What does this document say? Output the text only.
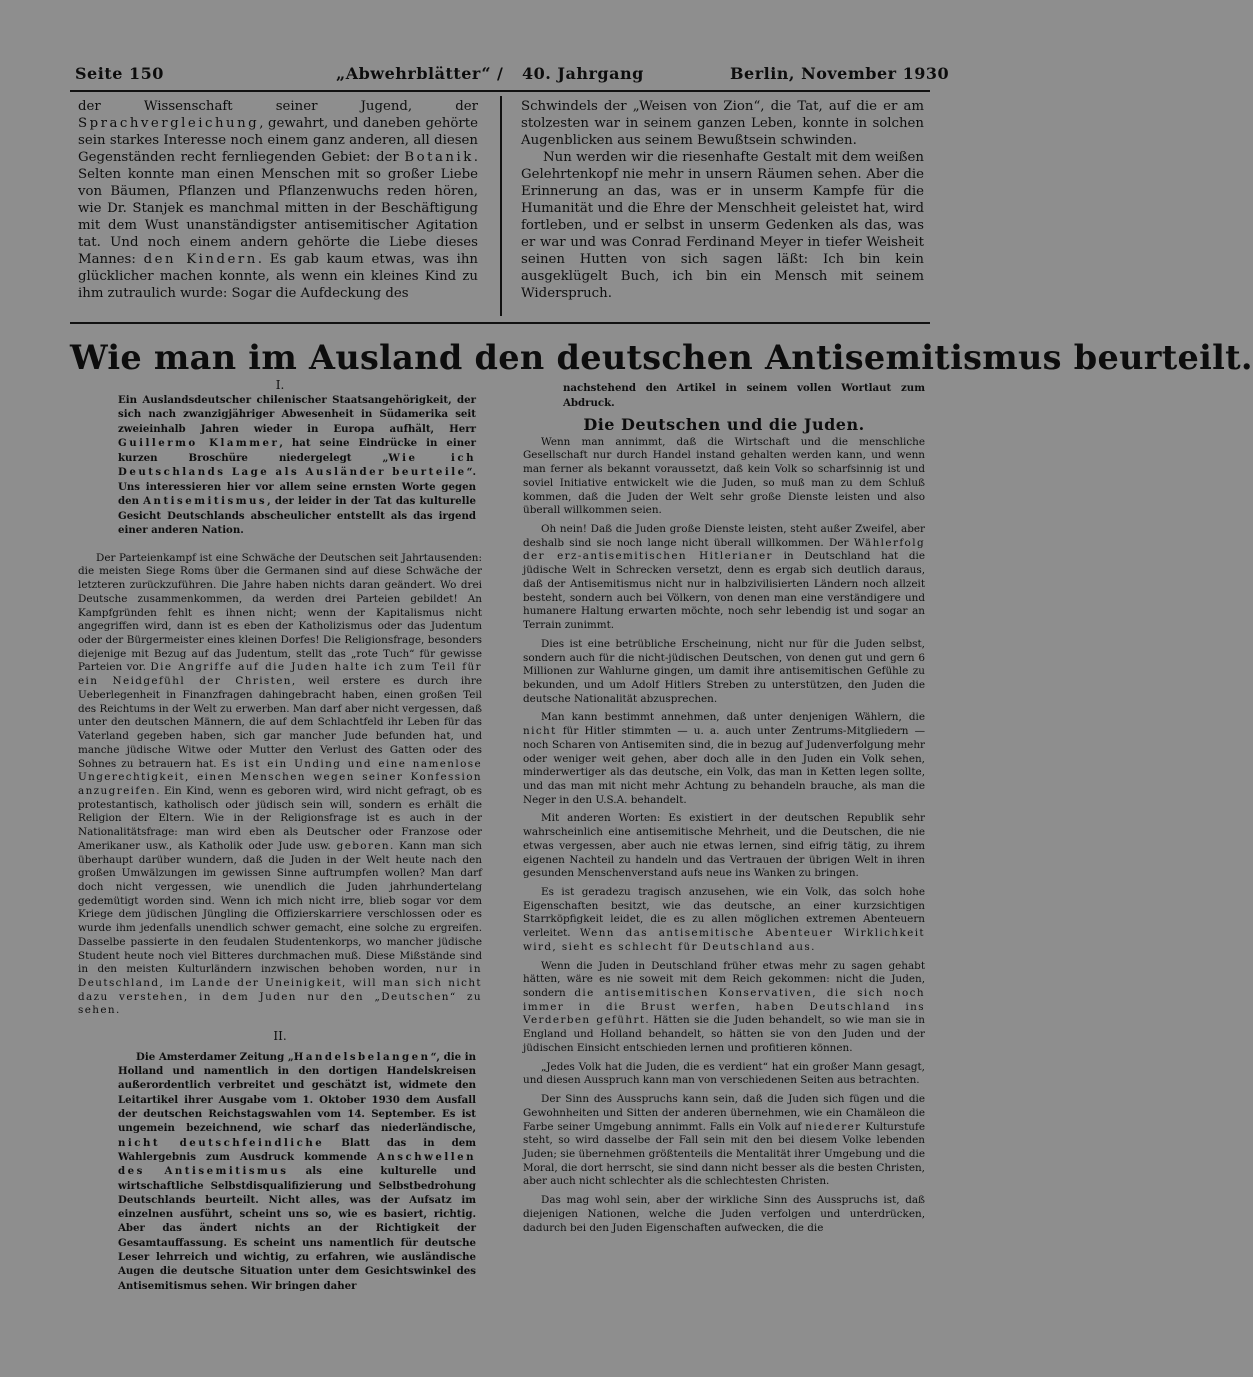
Seite 150	„Abwehrblätter“ / 40. Jahrgang	Berlin, November 1930

der Wissenschaft seiner Jugend, der Sprachvergleichung, gewahrt, und daneben gehörte sein starkes Interesse noch einem ganz anderen, all diesen Gegenständen recht fernliegenden Gebiet: der Botanik. Selten konnte man einen Menschen mit so großer Liebe von Bäumen, Pflanzen und Pflanzenwuchs reden hören, wie Dr. Stanjek es manchmal mitten in der Beschäftigung mit dem Wust unanständigster antisemitischer Agitation tat. Und noch einem andern gehörte die Liebe dieses Mannes: den Kindern. Es gab kaum etwas, was ihn glücklicher machen konnte, als wenn ein kleines Kind zu ihm zutraulich wurde: Sogar die Aufdeckung des

Schwindels der „Weisen von Zion“, die Tat, auf die er am stolzesten war in seinem ganzen Leben, konnte in solchen Augenblicken aus seinem Bewußtsein schwinden.

Nun werden wir die riesenhafte Gestalt mit dem weißen Gelehrtenkopf nie mehr in unsern Räumen sehen. Aber die Erinnerung an das, was er in unserm Kampfe für die Humanität und die Ehre der Menschheit geleistet hat, wird fortleben, und er selbst in unserm Gedenken als das, was er war und was Conrad Ferdinand Meyer in tiefer Weisheit seinen Hutten von sich sagen läßt: Ich bin kein ausgeklügelt Buch, ich bin ein Mensch mit seinem Widerspruch.

Wie man im Ausland den deutschen Antisemitismus beurteilt.
I.
Ein Auslandsdeutscher chilenischer Staatsangehörigkeit, der sich nach zwanzigjähriger Abwesenheit in Südamerika seit zweieinhalb Jahren wieder in Europa aufhält, Herr Guillermo Klammer, hat seine Eindrücke in einer kurzen Broschüre niedergelegt „Wie ich Deutschlands Lage als Ausländer beurteile“. Uns interessieren hier vor allem seine ernsten Worte gegen den Antisemitismus, der leider in der Tat das kulturelle Gesicht Deutschlands abscheulicher entstellt als das irgend einer anderen Nation.

Der Parteienkampf ist eine Schwäche der Deutschen seit Jahrtausenden: die meisten Siege Roms über die Germanen sind auf diese Schwäche der letzteren zurückzuführen. Die Jahre haben nichts daran geändert. Wo drei Deutsche zusammenkommen, da werden drei Parteien gebildet! An Kampfgründen fehlt es ihnen nicht; wenn der Kapitalismus nicht angegriffen wird, dann ist es eben der Katholizismus oder das Judentum oder der Bürgermeister eines kleinen Dorfes! Die Religionsfrage, besonders diejenige mit Bezug auf das Judentum, stellt das „rote Tuch“ für gewisse Parteien vor. Die Angriffe auf die Juden halte ich zum Teil für ein Neidgefühl der Christen, weil erstere es durch ihre Ueberlegenheit in Finanzfragen dahingebracht haben, einen großen Teil des Reichtums in der Welt zu erwerben. Man darf aber nicht vergessen, daß unter den deutschen Männern, die auf dem Schlachtfeld ihr Leben für das Vaterland gegeben haben, sich gar mancher Jude befunden hat, und manche jüdische Witwe oder Mutter den Verlust des Gatten oder des Sohnes zu betrauern hat. Es ist ein Unding und eine namenlose Ungerechtigkeit, einen Menschen wegen seiner Konfession anzugreifen. Ein Kind, wenn es geboren wird, wird nicht gefragt, ob es protestantisch, katholisch oder jüdisch sein will, sondern es erhält die Religion der Eltern. Wie in der Religionsfrage ist es auch in der Nationalitätsfrage: man wird eben als Deutscher oder Franzose oder Amerikaner usw., als Katholik oder Jude usw. geboren. Kann man sich überhaupt darüber wundern, daß die Juden in der Welt heute nach den großen Umwälzungen im gewissen Sinne auftrumpfen wollen? Man darf doch nicht vergessen, wie unendlich die Juden jahrhundertelang gedemütigt worden sind. Wenn ich mich nicht irre, blieb sogar vor dem Kriege dem jüdischen Jüngling die Offizierskarriere verschlossen oder es wurde ihm jedenfalls unendlich schwer gemacht, eine solche zu ergreifen. Dasselbe passierte in den feudalen Studentenkorps, wo mancher jüdische Student heute noch viel Bitteres durchmachen muß. Diese Mißstände sind in den meisten Kulturländern inzwischen behoben worden, nur in Deutschland, im Lande der Uneinigkeit, will man sich nicht dazu verstehen, in dem Juden nur den „Deutschen“ zu sehen.

II.
Die Amsterdamer Zeitung „Handelsbelangen“, die in Holland und namentlich in den dortigen Handelskreisen außerordentlich verbreitet und geschätzt ist, widmete den Leitartikel ihrer Ausgabe vom 1. Oktober 1930 dem Ausfall der deutschen Reichstagswahlen vom 14. September. Es ist ungemein bezeichnend, wie scharf das niederländische, nicht deutschfeindliche Blatt das in dem Wahlergebnis zum Ausdruck kommende Anschwellen des Antisemitismus als eine kulturelle und wirtschaftliche Selbstdisqualifizierung und Selbstbedrohung Deutschlands beurteilt. Nicht alles, was der Aufsatz im einzelnen ausführt, scheint uns so, wie es basiert, richtig. Aber das ändert nichts an der Richtigkeit der Gesamtauffassung. Es scheint uns namentlich für deutsche Leser lehrreich und wichtig, zu erfahren, wie ausländische Augen die deutsche Situation unter dem Gesichtswinkel des Antisemitismus sehen. Wir bringen daher
nachstehend den Artikel in seinem vollen Wortlaut zum Abdruck.
Die Deutschen und die Juden.

Wenn man annimmt, daß die Wirtschaft und die menschliche Gesellschaft nur durch Handel instand gehalten werden kann, und wenn man ferner als bekannt voraussetzt, daß kein Volk so scharfsinnig ist und soviel Initiative entwickelt wie die Juden, so muß man zu dem Schluß kommen, daß die Juden der Welt sehr große Dienste leisten und also überall willkommen seien.

Oh nein! Daß die Juden große Dienste leisten, steht außer Zweifel, aber deshalb sind sie noch lange nicht überall willkommen. Der Wählerfolg der erz-antisemitischen Hitlerianer in Deutschland hat die jüdische Welt in Schrecken versetzt, denn es ergab sich deutlich daraus, daß der Antisemitismus nicht nur in halbzivilisierten Ländern noch allzeit besteht, sondern auch bei Völkern, von denen man eine verständigere und humanere Haltung erwarten möchte, noch sehr lebendig ist und sogar an Terrain zunimmt.

Dies ist eine betrübliche Erscheinung, nicht nur für die Juden selbst, sondern auch für die nicht-jüdischen Deutschen, von denen gut und gern 6 Millionen zur Wahlurne gingen, um damit ihre antisemitischen Gefühle zu bekunden, und um Adolf Hitlers Streben zu unterstützen, den Juden die deutsche Nationalität abzusprechen.

Man kann bestimmt annehmen, daß unter denjenigen Wählern, die nicht für Hitler stimmten — u. a. auch unter Zentrums-Mitgliedern — noch Scharen von Antisemiten sind, die in bezug auf Judenverfolgung mehr oder weniger weit gehen, aber doch alle in den Juden ein Volk sehen, minderwertiger als das deutsche, ein Volk, das man in Ketten legen sollte, und das man mit nicht mehr Achtung zu behandeln brauche, als man die Neger in den U.S.A. behandelt.

Mit anderen Worten: Es existiert in der deutschen Republik sehr wahrscheinlich eine antisemitische Mehrheit, und die Deutschen, die nie etwas vergessen, aber auch nie etwas lernen, sind eifrig tätig, zu ihrem eigenen Nachteil zu handeln und das Vertrauen der übrigen Welt in ihren gesunden Menschenverstand aufs neue ins Wanken zu bringen.

Es ist geradezu tragisch anzusehen, wie ein Volk, das solch hohe Eigenschaften besitzt, wie das deutsche, an einer kurzsichtigen Starrköpfigkeit leidet, die es zu allen möglichen extremen Abenteuern verleitet. Wenn das antisemitische Abenteuer Wirklichkeit wird, sieht es schlecht für Deutschland aus.

Wenn die Juden in Deutschland früher etwas mehr zu sagen gehabt hätten, wäre es nie soweit mit dem Reich gekommen: nicht die Juden, sondern die antisemitischen Konservativen, die sich noch immer in die Brust werfen, haben Deutschland ins Verderben geführt. Hätten sie die Juden behandelt, so wie man sie in England und Holland behandelt, so hätten sie von den Juden und der jüdischen Einsicht entschieden lernen und profitieren können.

„Jedes Volk hat die Juden, die es verdient“ hat ein großer Mann gesagt, und diesen Ausspruch kann man von verschiedenen Seiten aus betrachten.

Der Sinn des Ausspruchs kann sein, daß die Juden sich fügen und die Gewohnheiten und Sitten der anderen übernehmen, wie ein Chamäleon die Farbe seiner Umgebung annimmt. Falls ein Volk auf niederer Kulturstufe steht, so wird dasselbe der Fall sein mit den bei diesem Volke lebenden Juden; sie übernehmen größtenteils die Mentalität ihrer Umgebung und die Moral, die dort herrscht, sie sind dann nicht besser als die besten Christen, aber auch nicht schlechter als die schlechtesten Christen.

Das mag wohl sein, aber der wirkliche Sinn des Ausspruchs ist, daß diejenigen Nationen, welche die Juden verfolgen und unterdrücken, dadurch bei den Juden Eigenschaften aufwecken, die die
